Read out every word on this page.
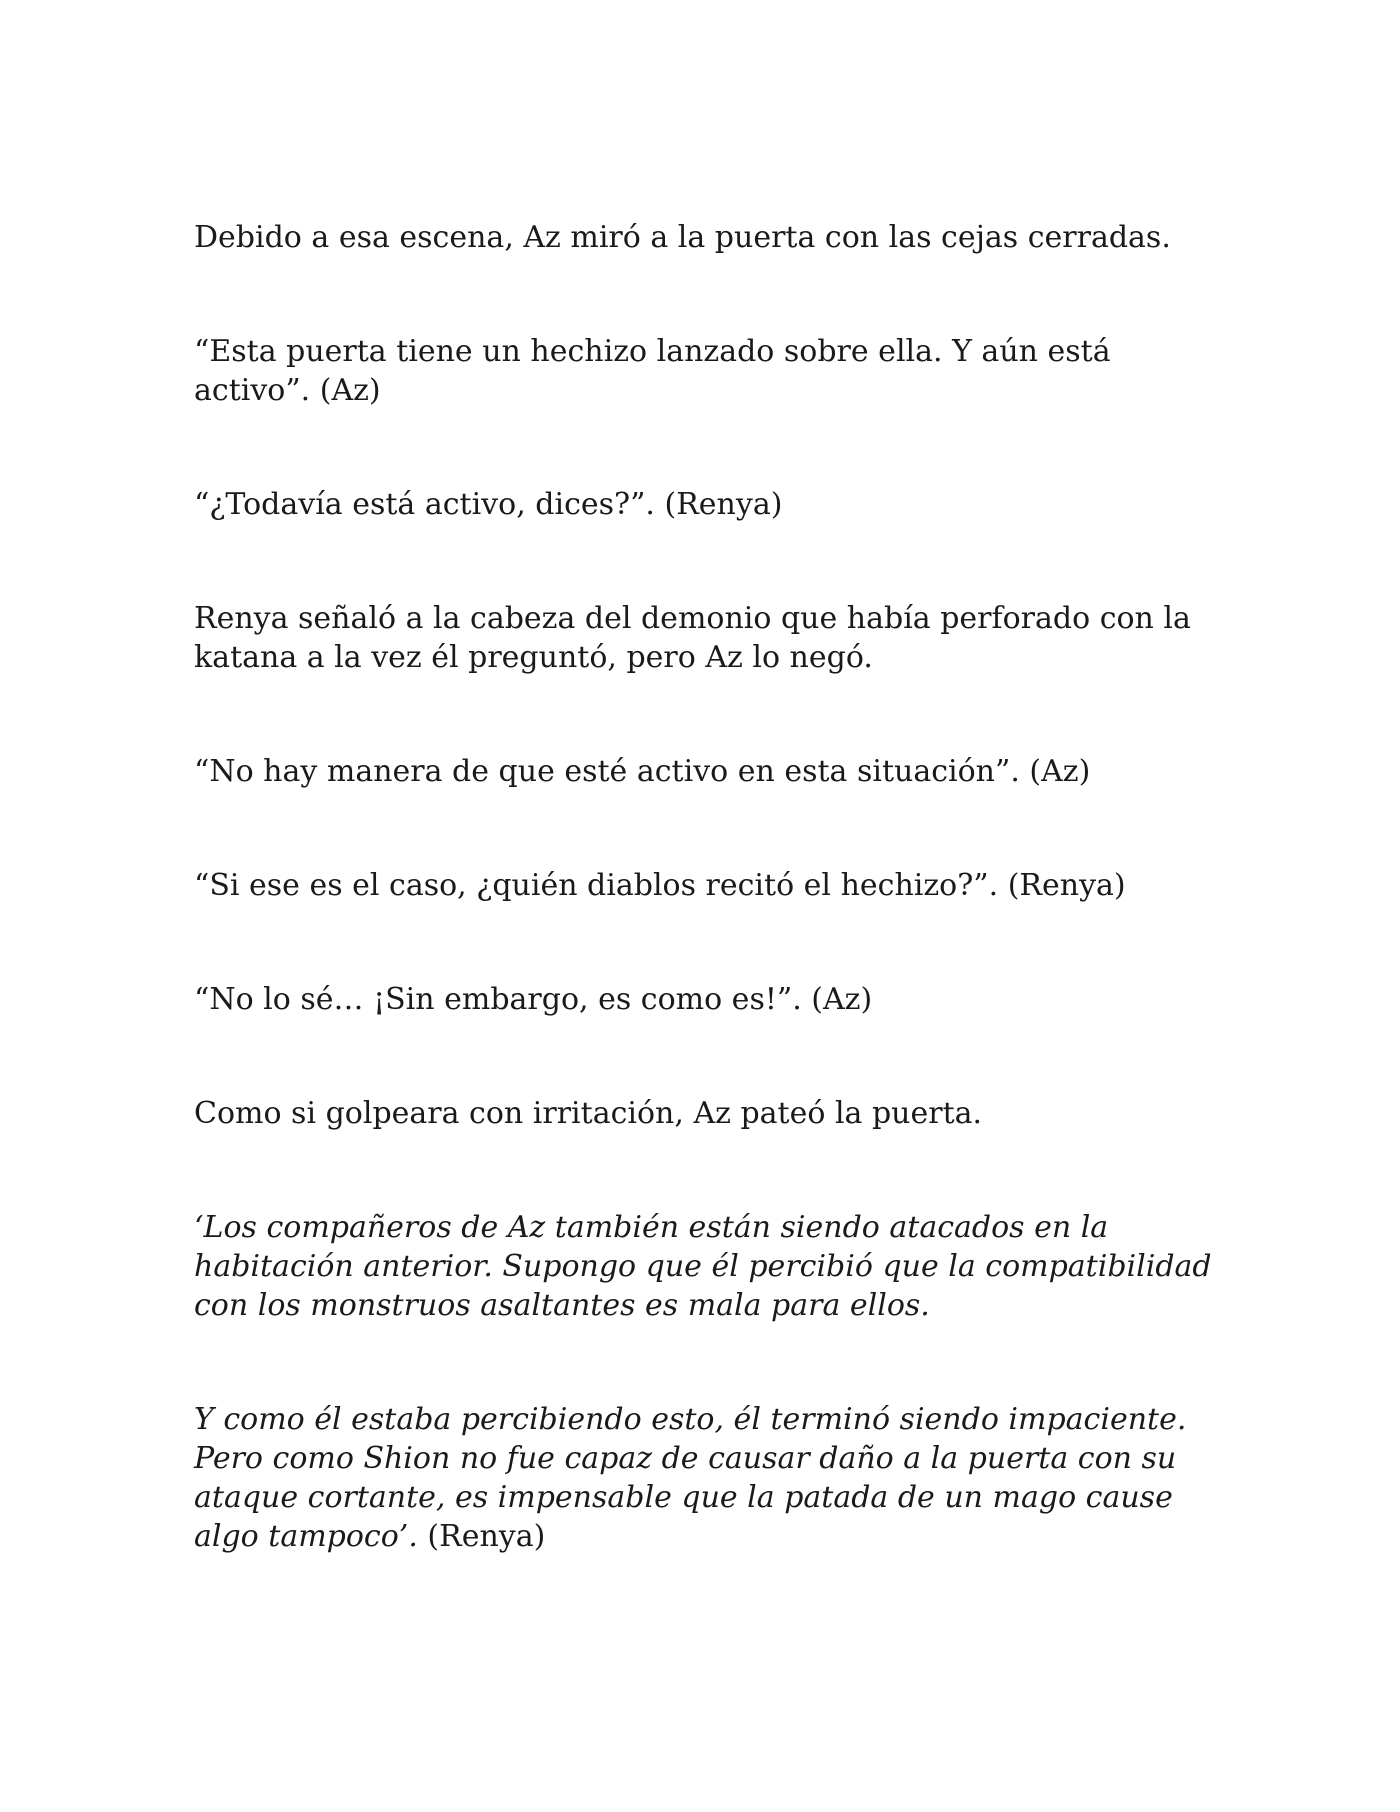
Debido a esa escena, Az miró a la puerta con las cejas cerradas.

“Esta puerta tiene un hechizo lanzado sobre ella. Y aún está activo”. (Az)

“¿Todavía está activo, dices?”. (Renya)

Renya señaló a la cabeza del demonio que había perforado con la katana a la vez él preguntó, pero Az lo negó.

“No hay manera de que esté activo en esta situación”. (Az)

“Si ese es el caso, ¿quién diablos recitó el hechizo?”. (Renya)

“No lo sé… ¡Sin embargo, es como es!”. (Az)

Como si golpeara con irritación, Az pateó la puerta.

‘Los compañeros de Az también están siendo atacados en la habitación anterior. Supongo que él percibió que la compatibilidad con los monstruos asaltantes es mala para ellos.

Y como él estaba percibiendo esto, él terminó siendo impaciente. Pero como Shion no fue capaz de causar daño a la puerta con su ataque cortante, es impensable que la patada de un mago cause algo tampoco’. (Renya)
